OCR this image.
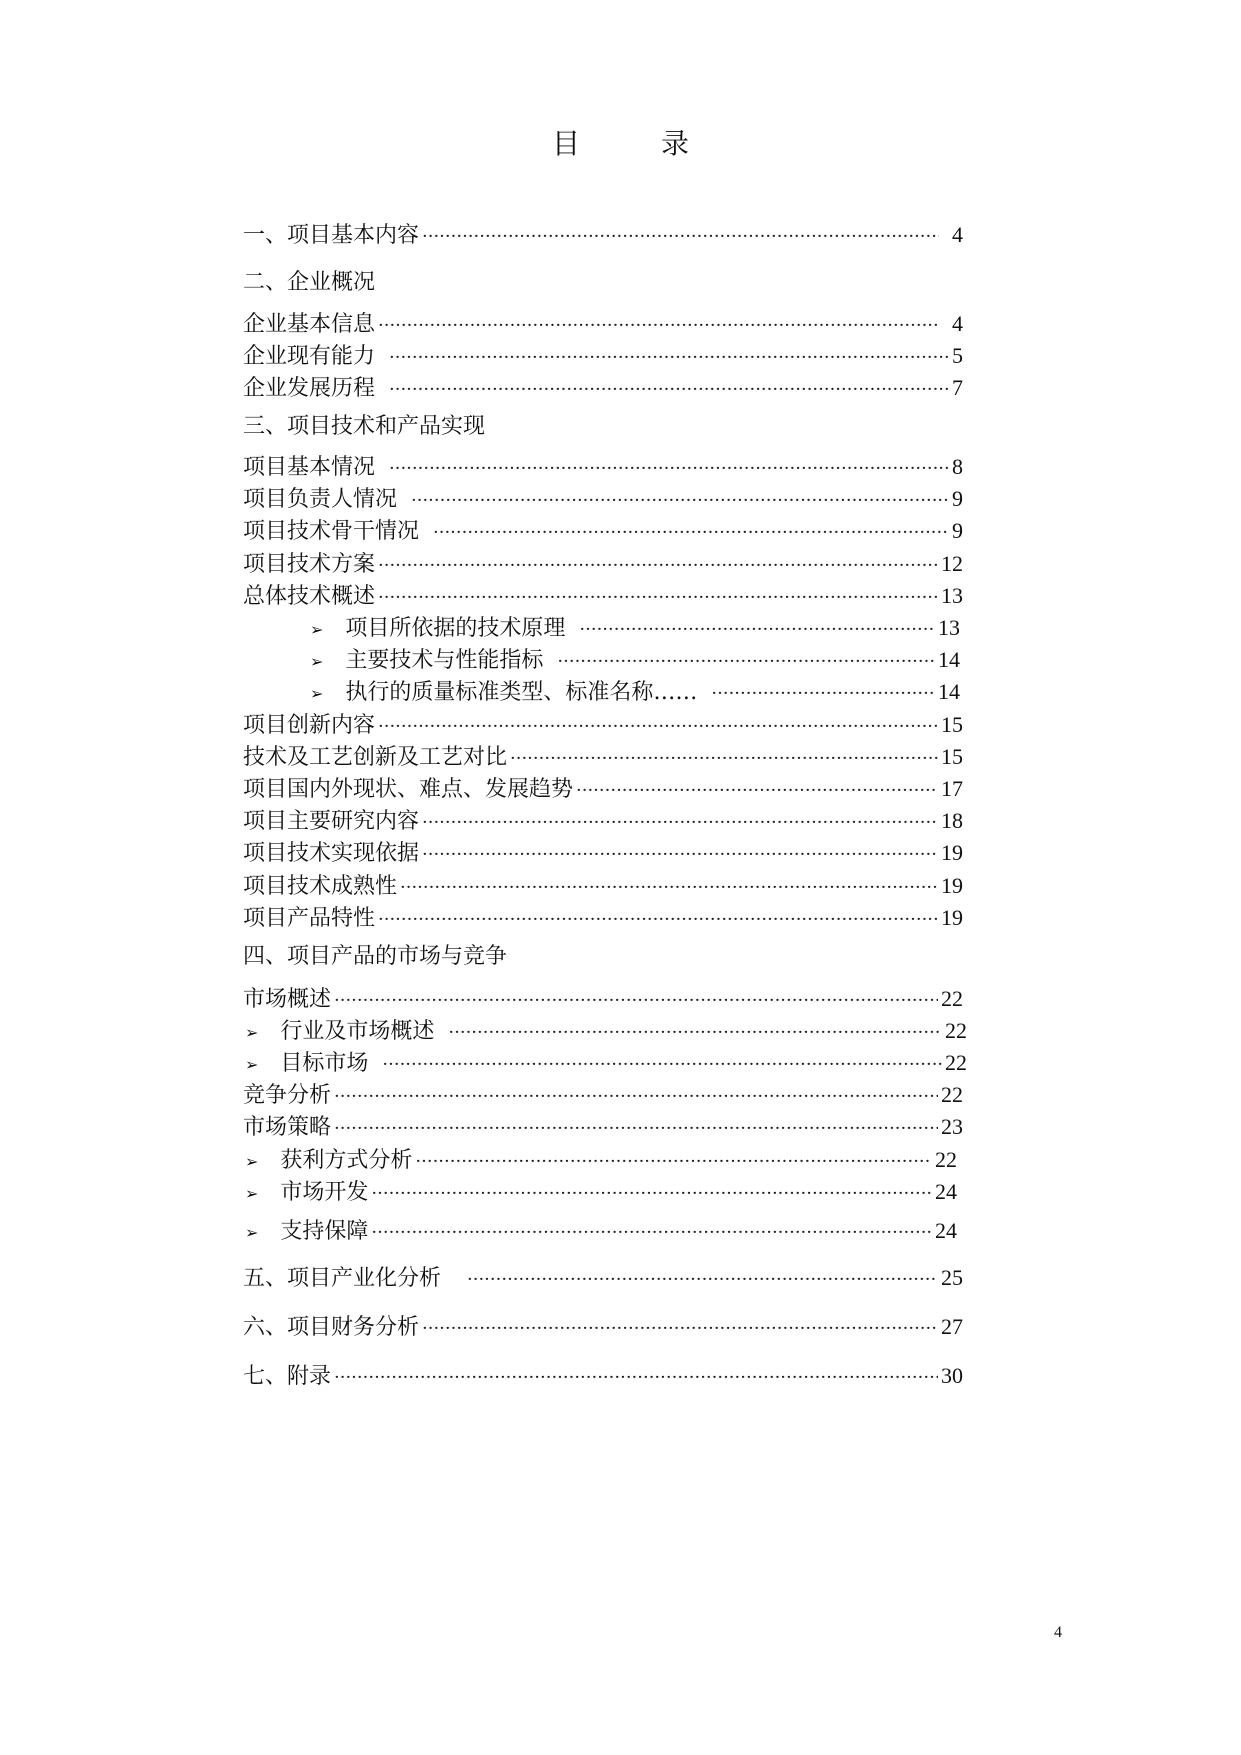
目 录
一、项目基本内容 ·····	4
二、企业概况
企业基本信息 ·····	4
企业现有能力 ·····	5
企业发展历程 ·····	7
三、项目技术和产品实现
项目基本情况 ·····	8
项目负责人情况 ·····	9
项目技术骨干情况 ·····	9
项目技术方案 ·····	12
总体技术概述 ·····	13
➢ 项目所依据的技术原理 ·····	13
➢ 主要技术与性能指标 ·····	14
➢ 执行的质量标准类型、标准名称…… ·····	14
项目创新内容 ·····	15
技术及工艺创新及工艺对比 ·····	15
项目国内外现状、难点、发展趋势 ·····	17
项目主要研究内容 ·····	18
项目技术实现依据 ·····	19
项目技术成熟性 ·····	19
项目产品特性 ·····	19
四、项目产品的市场与竞争
市场概述 ·····	22
➢ 行业及市场概述 ·····	22
➢ 目标市场 ·····	22
竞争分析 ·····	22
市场策略 ·····	23
➢ 获利方式分析 ·····	22
➢ 市场开发 ·····	24
➢ 支持保障 ·····	24
五、项目产业化分析 ·····	25
六、项目财务分析 ·····	27
七、附录 ·····	30
4
